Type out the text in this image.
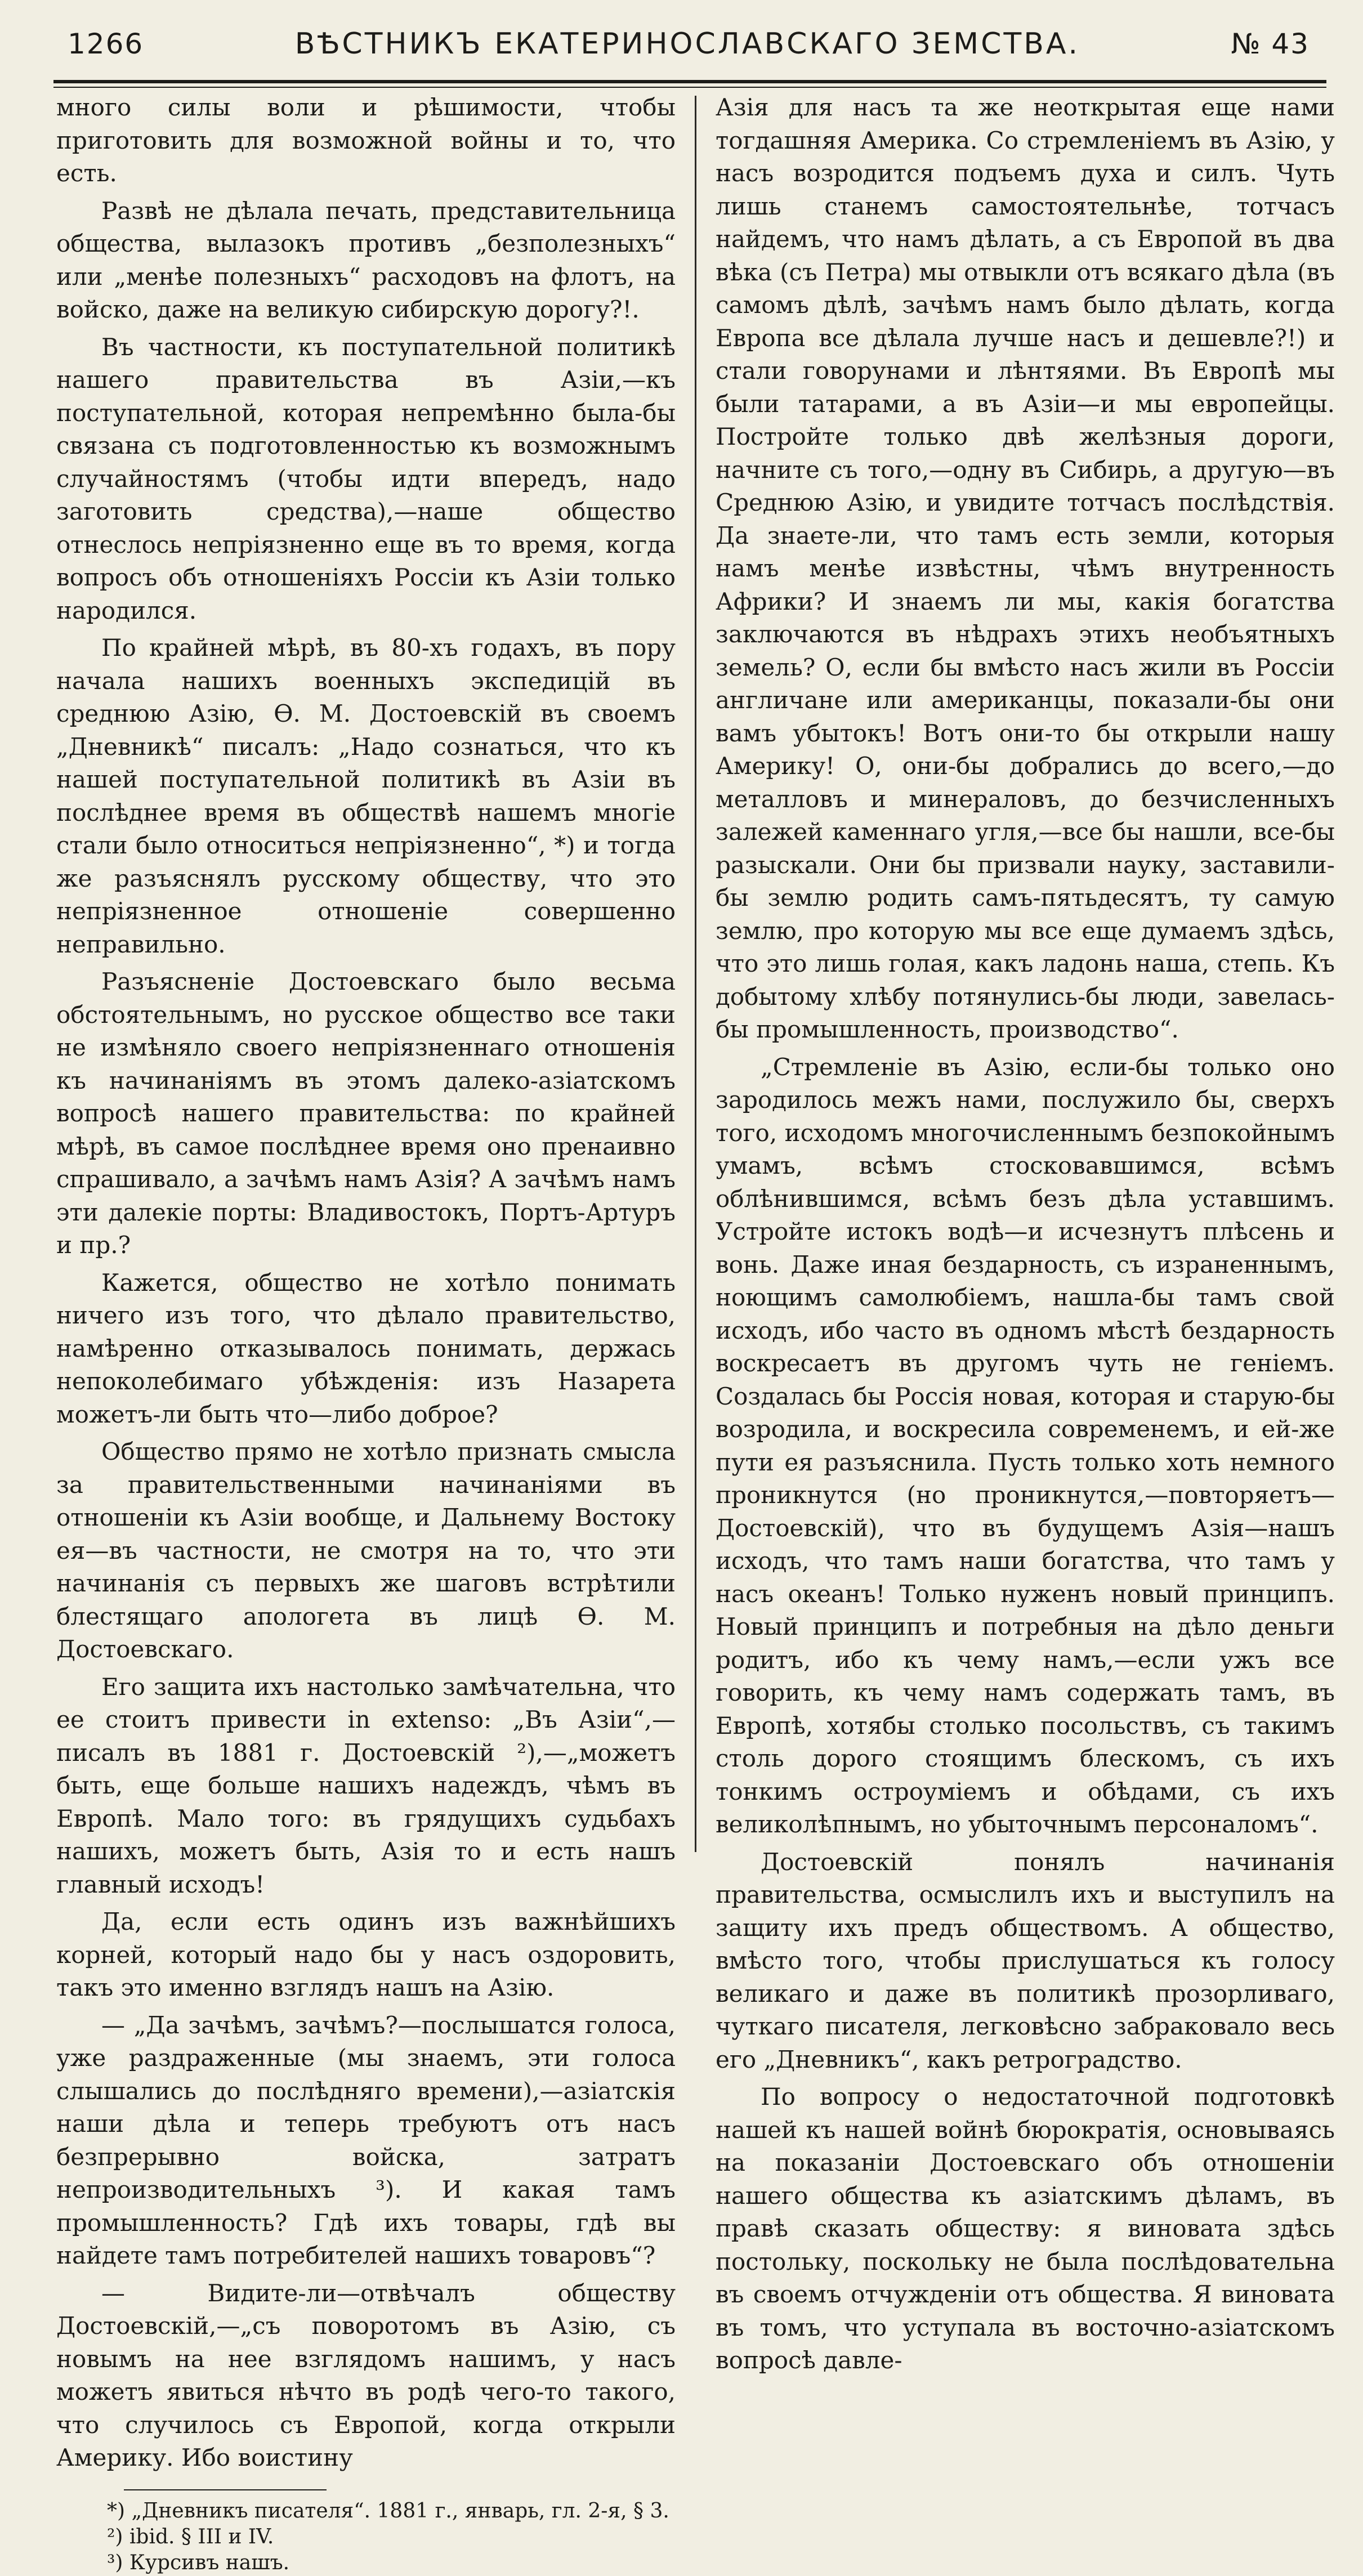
1266	ВѢСТНИКЪ ЕКАТЕРИНОСЛАВСКАГО ЗЕМСТВА.	№ 43

много силы воли и рѣшимости, чтобы приготовить для возможной войны и то, что есть.

Развѣ не дѣлала печать, представительница общества, вылазокъ противъ „безполезныхъ“ или „менѣе полезныхъ“ расходовъ на флотъ, на войско, даже на великую сибирскую дорогу?!.

Въ частности, къ поступательной политикѣ нашего правительства въ Азіи,—къ поступательной, которая непремѣнно была-бы связана съ подготовленностью къ возможнымъ случайностямъ (чтобы идти впередъ, надо заготовить средства),—наше общество отнеслось непріязненно еще въ то время, когда вопросъ объ отношеніяхъ Россіи къ Азіи только народился.

По крайней мѣрѣ, въ 80-хъ годахъ, въ пору начала нашихъ военныхъ экспедицій въ среднюю Азію, Ѳ. М. Достоевскій въ своемъ „Дневникѣ“ писалъ: „Надо сознаться, что къ нашей поступательной политикѣ въ Азіи въ послѣднее время въ обществѣ нашемъ многіе стали было относиться непріязненно“, *) и тогда же разъяснялъ русскому обществу, что это непріязненное отношеніе совершенно неправильно.

Разъясненіе Достоевскаго было весьма обстоятельнымъ, но русское общество все таки не измѣняло своего непріязненнаго отношенія къ начинаніямъ въ этомъ далеко-азіатскомъ вопросѣ нашего правительства: по крайней мѣрѣ, въ самое послѣднее время оно пренаивно спрашивало, а зачѣмъ намъ Азія? А зачѣмъ намъ эти далекіе порты: Владивостокъ, Портъ-Артуръ и пр.?

Кажется, общество не хотѣло понимать ничего изъ того, что дѣлало правительство, намѣренно отказывалось понимать, держась непоколебимаго убѣжденія: изъ Назарета можетъ-ли быть что—либо доброе?

Общество прямо не хотѣло признать смысла за правительственными начинаніями въ отношеніи къ Азіи вообще, и Дальнему Востоку ея—въ частности, не смотря на то, что эти начинанія съ первыхъ же шаговъ встрѣтили блестящаго апологета въ лицѣ Ѳ. М. Достоевскаго.

Его защита ихъ настолько замѣчательна, что ее стоитъ привести in extenso: „Въ Азіи“,—писалъ въ 1881 г. Достоевскій ²),—„можетъ быть, еще больше нашихъ надеждъ, чѣмъ въ Европѣ. Мало того: въ грядущихъ судьбахъ нашихъ, можетъ быть, Азія то и есть нашъ главный исходъ!

Да, если есть одинъ изъ важнѣйшихъ корней, который надо бы у насъ оздоровить, такъ это именно взглядъ нашъ на Азію.

— „Да зачѣмъ, зачѣмъ?—послышатся голоса, уже раздраженные (мы знаемъ, эти голоса слышались до послѣдняго времени),—азіатскія наши дѣла и теперь требуютъ отъ насъ безпрерывно войска, затратъ непроизводительныхъ ³). И какая тамъ промышленность? Гдѣ ихъ товары, гдѣ вы найдете тамъ потребителей нашихъ товаровъ“?

— Видите-ли—отвѣчалъ обществу Достоевскій,—„съ поворотомъ въ Азію, съ новымъ на нее взглядомъ нашимъ, у насъ можетъ явиться нѣчто въ родѣ чего-то такого, что случилось съ Европой, когда открыли Америку. Ибо воистину

*) „Дневникъ писателя“. 1881 г., январь, гл. 2-я, § 3.

²) ibid. § III и IV.

³) Курсивъ нашъ.

Азія для насъ та же неоткрытая еще нами тогдашняя Америка. Со стремленіемъ въ Азію, у насъ возродится подъемъ духа и силъ. Чуть лишь станемъ самостоятельнѣе, тотчасъ найдемъ, что намъ дѣлать, а съ Европой въ два вѣка (съ Петра) мы отвыкли отъ всякаго дѣла (въ самомъ дѣлѣ, зачѣмъ намъ было дѣлать, когда Европа все дѣлала лучше насъ и дешевле?!) и стали говорунами и лѣнтяями. Въ Европѣ мы были татарами, а въ Азіи—и мы европейцы. Постройте только двѣ желѣзныя дороги, начните съ того,—одну въ Сибирь, а другую—въ Среднюю Азію, и увидите тотчасъ послѣдствія. Да знаете-ли, что тамъ есть земли, которыя намъ менѣе извѣстны, чѣмъ внутренность Африки? И знаемъ ли мы, какія богатства заключаются въ нѣдрахъ этихъ необъятныхъ земель? О, если бы вмѣсто насъ жили въ Россіи англичане или американцы, показали-бы они вамъ убытокъ! Вотъ они-то бы открыли нашу Америку! О, они-бы добрались до всего,—до металловъ и минераловъ, до безчисленныхъ залежей каменнаго угля,—все бы нашли, все-бы разыскали. Они бы призвали науку, заставили-бы землю родить самъ-пятьдесятъ, ту самую землю, про которую мы все еще думаемъ здѣсь, что это лишь голая, какъ ладонь наша, степь. Къ добытому хлѣбу потянулись-бы люди, завелась-бы промышленность, производство“.

„Стремленіе въ Азію, если-бы только оно зародилось межъ нами, послужило бы, сверхъ того, исходомъ многочисленнымъ безпокойнымъ умамъ, всѣмъ стосковавшимся, всѣмъ облѣнившимся, всѣмъ безъ дѣла уставшимъ. Устройте истокъ водѣ—и исчезнутъ плѣсень и вонь. Даже иная бездарность, съ израненнымъ, ноющимъ самолюбіемъ, нашла-бы тамъ свой исходъ, ибо часто въ одномъ мѣстѣ бездарность воскресаетъ въ другомъ чуть не геніемъ. Создалась бы Россія новая, которая и старую-бы возродила, и воскресила современемъ, и ей-же пути ея разъяснила. Пусть только хоть немного проникнутся (но проникнутся,—повторяетъ—Достоевскій), что въ будущемъ Азія—нашъ исходъ, что тамъ наши богатства, что тамъ у насъ океанъ! Только нуженъ новый принципъ. Новый принципъ и потребныя на дѣло деньги родитъ, ибо къ чему намъ,—если ужъ все говорить, къ чему намъ содержать тамъ, въ Европѣ, хотябы столько посольствъ, съ такимъ столь дорого стоящимъ блескомъ, съ ихъ тонкимъ остроуміемъ и обѣдами, съ ихъ великолѣпнымъ, но убыточнымъ персоналомъ“.

Достоевскій понялъ начинанія правительства, осмыслилъ ихъ и выступилъ на защиту ихъ предъ обществомъ. А общество, вмѣсто того, чтобы прислушаться къ голосу великаго и даже въ политикѣ прозорливаго, чуткаго писателя, легковѣсно забраковало весь его „Дневникъ“, какъ ретроградство.

По вопросу о недостаточной подготовкѣ нашей къ нашей войнѣ бюрократія, основываясь на показаніи Достоевскаго объ отношеніи нашего общества къ азіатскимъ дѣламъ, въ правѣ сказать обществу: я виновата здѣсь постольку, поскольку не была послѣдовательна въ своемъ отчужденіи отъ общества. Я виновата въ томъ, что уступала въ восточно-азіатскомъ вопросѣ давле-
